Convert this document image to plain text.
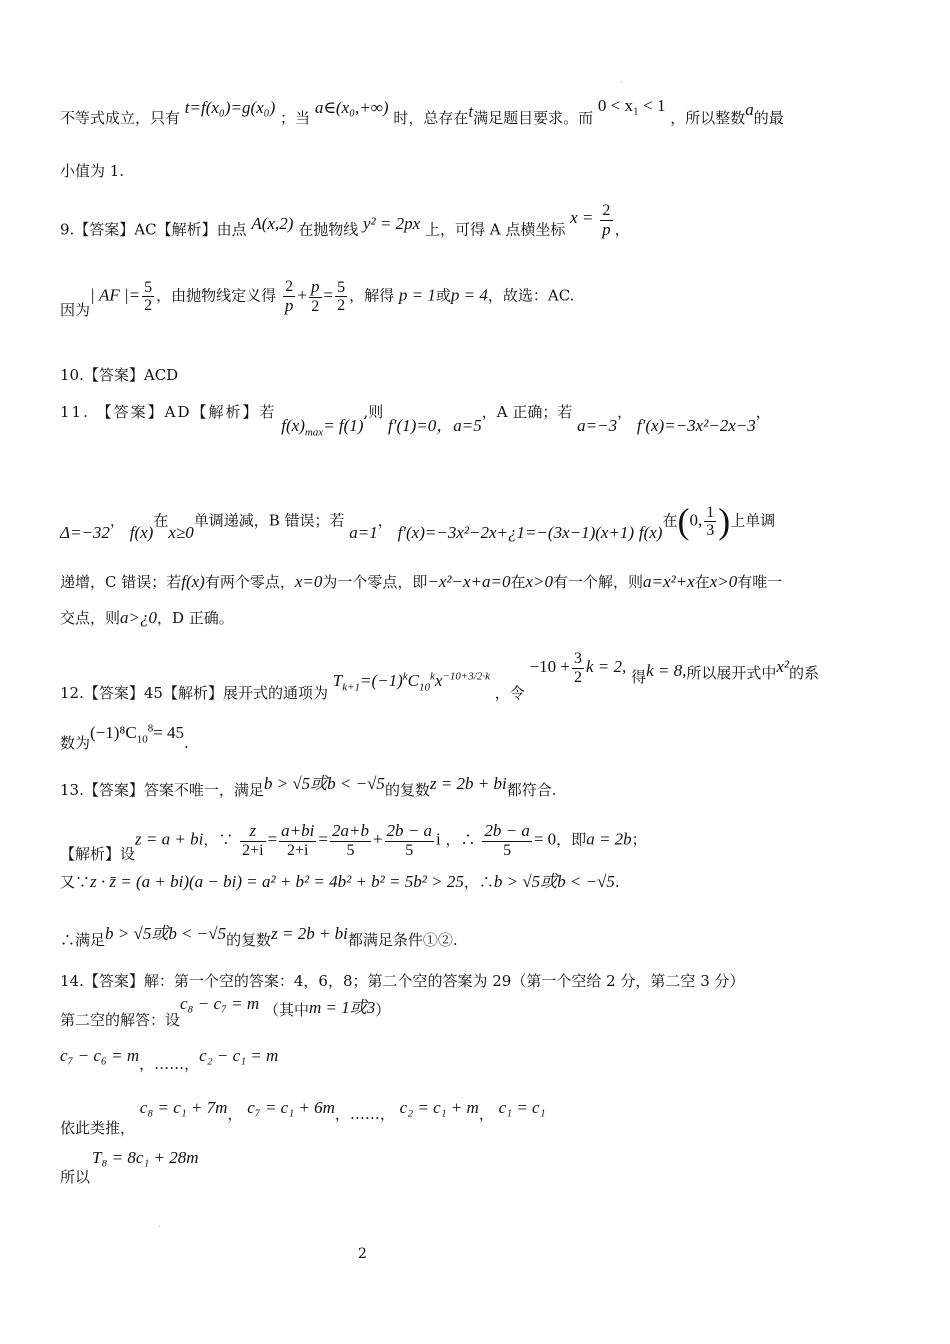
不等式成立，只有 t=f(x₀)=g(x₀) ；当 a∈(x₀,+∞) 时，总存在t满足题目要求。而 0 < x₁ < 1 ，所以整数a的最
小值为 1.
9.【答案】AC【解析】由点 A(x,2) 在抛物线 y² = 2px 上，可得 A 点横坐标 $x = \frac{2}{p}$ ，
因为| AF |= $\frac{5}{2}$ ，由抛物线定义得 $\frac{2}{p} + \frac{p}{2} = \frac{5}{2}$ ，解得 p = 1或p = 4，故选：AC.
10.【答案】ACD
11. 【答案】AD【解析】若 $f(x)_{max}= f(1)$,则 f′(1)=0，a=5，A 正确；若 a=−3， f′(x)=−3x²−2x−3，
Δ=−32， f(x)在x≥0单调递减，B 错误；若 a=1， f′(x)=−3x²−2x+¿1=−(3x−1)(x+1) f(x)在(0, $\frac{1}{3}$ )上单调
递增，C 错误；若f(x)有两个零点，x=0为一个零点，即−x²−x+a=0在x>0有一个解，则a=x²+x在x>0有唯一
交点，则a>¿0，D 正确。
12.【答案】45【解析】展开式的通项为 $T_{k+1}=(-1)^kC_{10}^kx^{-10+3/2\cdot k}$ ，令 $-10 + \frac{3}{2}$ k = 2, 得k = 8,所以展开式中x²的系
数为$(-1)^8C_{10}^8= 45$.
13.【答案】答案不唯一，满足b > √5或b < −√5的复数z = 2b + bi都符合.
【解析】设z = a + bi，∵ $\frac{z}{2+i} = \frac{a+bi}{2+i} = \frac{2a+b}{5} + \frac{2b - a}{5}$ i ，∴ $\frac{2b - a}{5} = 0$，即a = 2b；
又∵z · z̄ = (a + bi)(a − bi) = a² + b² = 4b² + b² = 5b² > 25，∴b > √5或b < −√5.
∴满足b > √5或b < −√5的复数z = 2b + bi都满足条件①②.
14.【答案】解：第一个空的答案：4，6，8；第二个空的答案为 29（第一个空给 2 分，第二空 3 分）
第二空的解答：设c₈ − c₇ = m （其中m = 1或3）
c₇ − c₆ = m，……，c₂ − c₁ = m
依此类推， c₈ = c₁ + 7m， c₇ = c₁ + 6m，……， c₂ = c₁ + m， c₁ = c₁
T₈ = 8c₁ + 28m
所以
·
·
2
